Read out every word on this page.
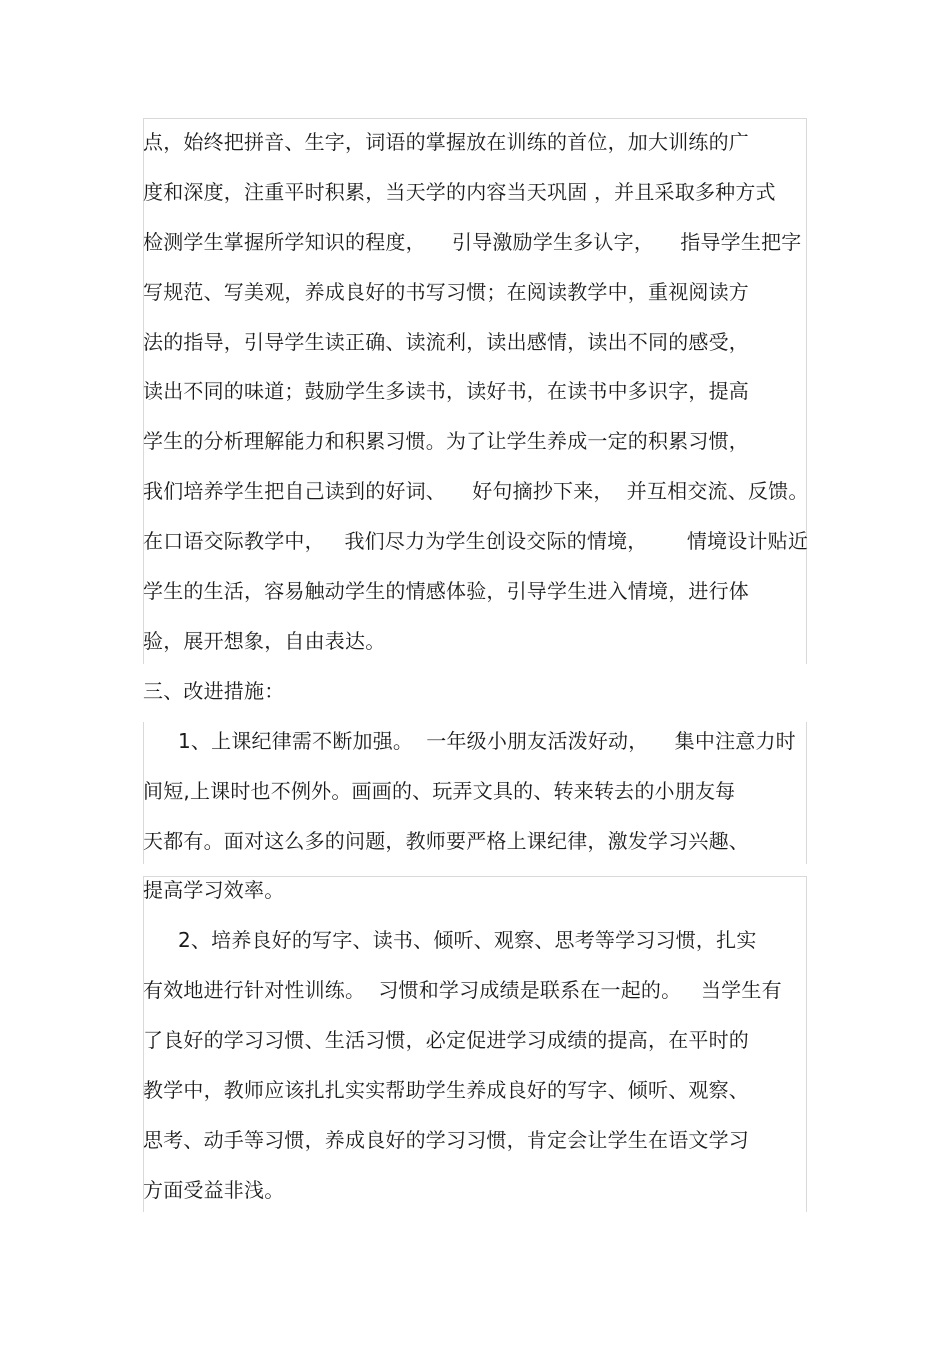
点，始终把拼音、生字，词语的掌握放在训练的首位，加大训练的广
度和深度，注重平时积累，当天学的内容当天巩固 ，并且采取多种方式
检测学生掌握所学知识的程度，    引导激励学生多认字，    指导学生把字
写规范、写美观，养成良好的书写习惯；在阅读教学中，重视阅读方
法的指导，引导学生读正确、读流利，读出感情，读出不同的感受，
读出不同的味道；鼓励学生多读书，读好书，在读书中多识字，提高
学生的分析理解能力和积累习惯。为了让学生养成一定的积累习惯，
我们培养学生把自己读到的好词、    好句摘抄下来，  并互相交流、反馈。
在口语交际教学中，   我们尽力为学生创设交际的情境，      情境设计贴近
学生的生活，容易触动学生的情感体验，引导学生进入情境，进行体
验，展开想象，自由表达。
三、改进措施：
1、上课纪律需不断加强。  一年级小朋友活泼好动，    集中注意力时
间短,上课时也不例外。画画的、玩弄文具的、转来转去的小朋友每
天都有。面对这么多的问题，教师要严格上课纪律，激发学习兴趣、
提高学习效率。
2、培养良好的写字、读书、倾听、观察、思考等学习习惯，扎实
有效地进行针对性训练。  习惯和学习成绩是联系在一起的。   当学生有
了良好的学习习惯、生活习惯，必定促进学习成绩的提高，在平时的
教学中，教师应该扎扎实实帮助学生养成良好的写字、倾听、观察、
思考、动手等习惯，养成良好的学习习惯，肯定会让学生在语文学习
方面受益非浅。
